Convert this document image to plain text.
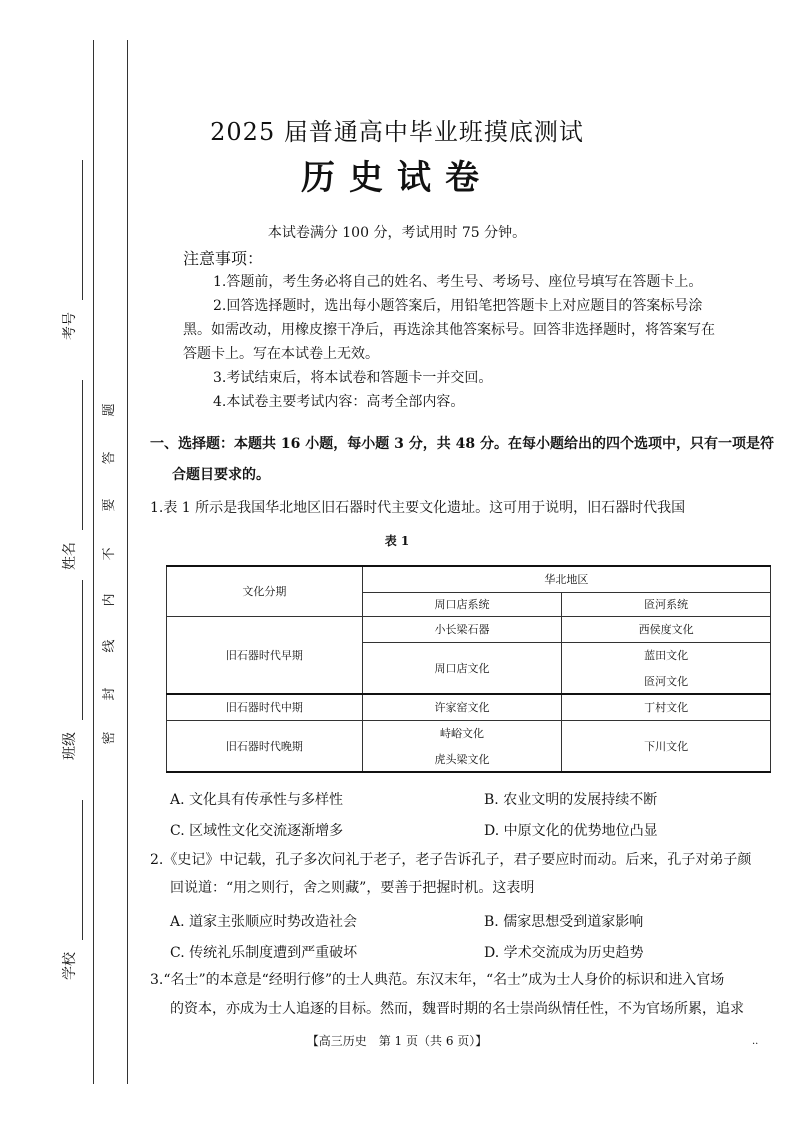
考号
姓名
班级
学校
密
封
线
内
不
要
答
题
2025 届普通高中毕业班摸底测试
历史试卷
本试卷满分 100 分，考试用时 75 分钟。
注意事项：
1.答题前，考生务必将自己的姓名、考生号、考场号、座位号填写在答题卡上。
2.回答选择题时，选出每小题答案后，用铅笔把答题卡上对应题目的答案标号涂
黑。如需改动，用橡皮擦干净后，再选涂其他答案标号。回答非选择题时，将答案写在
答题卡上。写在本试卷上无效。
3.考试结束后，将本试卷和答题卡一并交回。
4.本试卷主要考试内容：高考全部内容。
一、选择题：本题共 16 小题，每小题 3 分，共 48 分。在每小题给出的四个选项中，只有一项是符
合题目要求的。
1.表 1 所示是我国华北地区旧石器时代主要文化遗址。这可用于说明，旧石器时代我国
表 1
文化分期	华北地区	
	周口店系统	匼河系统
旧石器时代早期	小长梁石器	西侯度文化
	周口店文化	蓝田文化
		匼河文化
旧石器时代中期	许家窑文化	丁村文化
旧石器时代晚期	峙峪文化	下川文化
	虎头梁文化	
A. 文化具有传承性与多样性	B. 农业文明的发展持续不断
C. 区域性文化交流逐渐增多	D. 中原文化的优势地位凸显
2.《史记》中记载，孔子多次问礼于老子，老子告诉孔子，君子要应时而动。后来，孔子对弟子颜
回说道：“用之则行，舍之则藏”，要善于把握时机。这表明
A. 道家主张顺应时势改造社会	B. 儒家思想受到道家影响
C. 传统礼乐制度遭到严重破坏	D. 学术交流成为历史趋势
3.“名士”的本意是“经明行修”的士人典范。东汉末年，“名士”成为士人身价的标识和进入官场
的资本，亦成为士人追逐的目标。然而，魏晋时期的名士崇尚纵情任性，不为官场所累，追求
【高三历史　第 1 页（共 6 页）】	..
